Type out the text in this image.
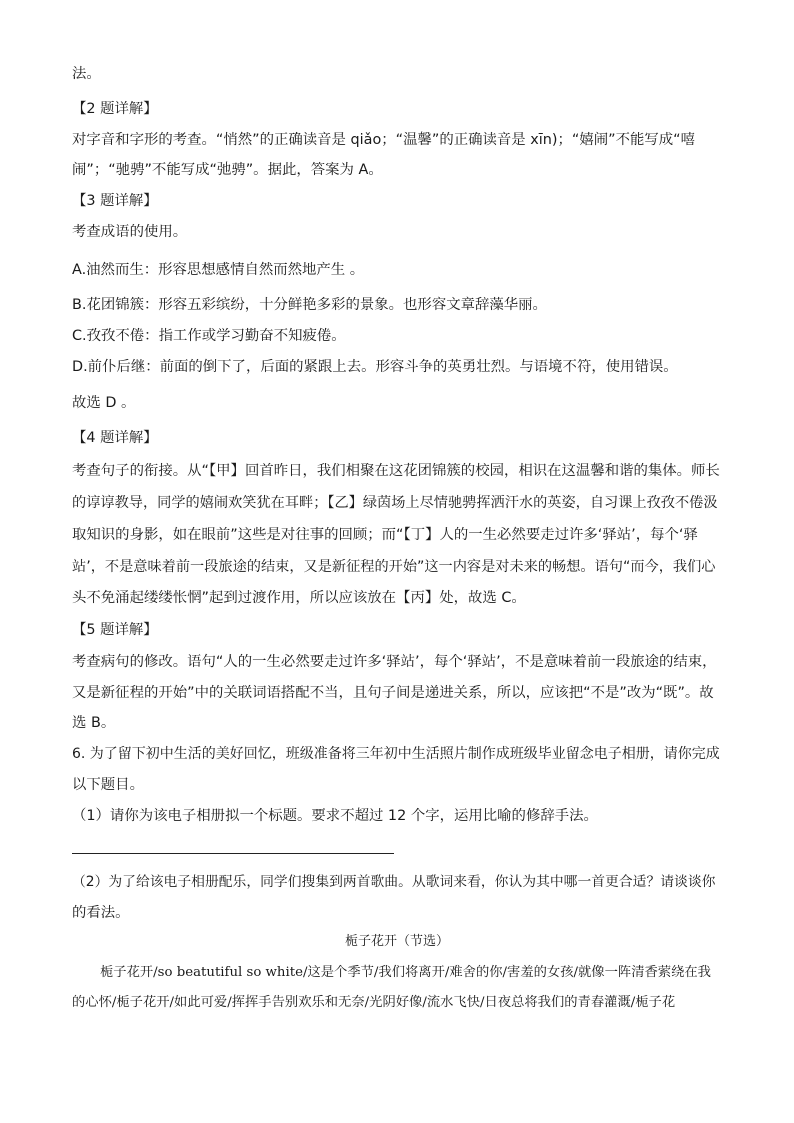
法。
【2 题详解】
对字音和字形的考查。“悄然”的正确读音是 qiǎo；“温馨”的正确读音是 xīn)；“嬉闹”不能写成“嘻
闹”；“驰骋”不能写成“弛骋”。据此，答案为 A。
【3 题详解】
考查成语的使用。
A.油然而生：形容思想感情自然而然地产生 。
B.花团锦簇：形容五彩缤纷，十分鲜艳多彩的景象。也形容文章辞藻华丽。
C.孜孜不倦：指工作或学习勤奋不知疲倦。
D.前仆后继：前面的倒下了，后面的紧跟上去。形容斗争的英勇壮烈。与语境不符，使用错误。
故选 D 。
【4 题详解】
考查句子的衔接。从“【甲】回首昨日，我们相聚在这花团锦簇的校园，相识在这温馨和谐的集体。师长
的谆谆教导，同学的嬉闹欢笑犹在耳畔；【乙】绿茵场上尽情驰骋挥洒汗水的英姿，自习课上孜孜不倦汲
取知识的身影，如在眼前”这些是对往事的回顾；而“【丁】人的一生必然要走过许多‘驿站’，每个‘驿
站’，不是意味着前一段旅途的结束，又是新征程的开始”这一内容是对未来的畅想。语句“而今，我们心
头不免涌起缕缕怅惘”起到过渡作用，所以应该放在【丙】处，故选 C。
【5 题详解】
考查病句的修改。语句“人的一生必然要走过许多‘驿站’，每个‘驿站’，不是意味着前一段旅途的结束，
又是新征程的开始”中的关联词语搭配不当，且句子间是递进关系，所以，应该把“不是”改为“既”。故
选 B。
6. 为了留下初中生活的美好回忆，班级准备将三年初中生活照片制作成班级毕业留念电子相册，请你完成
以下题目。
（1）请你为该电子相册拟一个标题。要求不超过 12 个字，运用比喻的修辞手法。
（2）为了给该电子相册配乐，同学们搜集到两首歌曲。从歌词来看，你认为其中哪一首更合适？请谈谈你
的看法。
栀子花开（节选）
栀子花开/so beatutiful so white/这是个季节/我们将离开/难舍的你/害羞的女孩/就像一阵清香萦绕在我
的心怀/栀子花开/如此可爱/挥挥手告别欢乐和无奈/光阴好像/流水飞快/日夜总将我们的青春灌溉/栀子花
